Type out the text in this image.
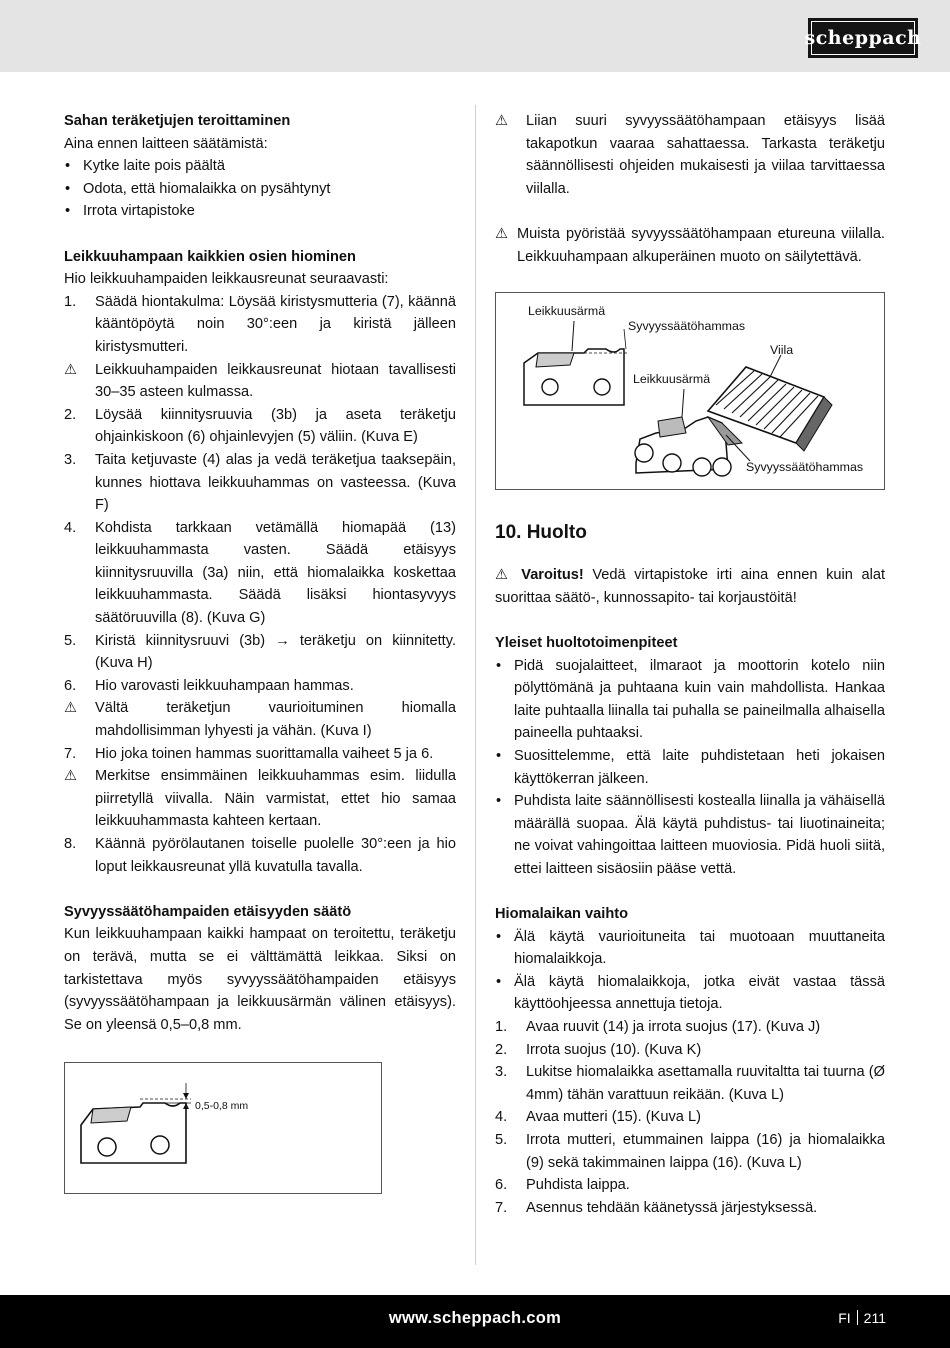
scheppach

Sahan teräketjujen teroittaminen

Aina ennen laitteen säätämistä:

• Kytke laite pois päältä
• Odota, että hiomalaikka on pysähtynyt
• Irrota virtapistoke

Leikkuuhampaan kaikkien osien hiominen

Hio leikkuuhampaiden leikkausreunat seuraavasti:

1.	Säädä hiontakulma: Löysää kiristysmutteria (7), käännä kääntöpöytä noin 30°:een ja kiristä jälleen kiristysmutteri.
⚠	Leikkuuhampaiden leikkausreunat hiotaan tavallisesti 30–35 asteen kulmassa.
2.	Löysää kiinnitysruuvia (3b) ja aseta teräketju ohjainkiskoon (6) ohjainlevyjen (5) väliin. (Kuva E)
3.	Taita ketjuvaste (4) alas ja vedä teräketjua taaksepäin, kunnes hiottava leikkuuhammas on vasteessa. (Kuva F)
4.	Kohdista tarkkaan vetämällä hiomapää (13) leikkuuhammasta vasten. Säädä etäisyys kiinnitysruuvilla (3a) niin, että hiomalaikka koskettaa leikkuuhammasta. Säädä lisäksi hiontasyvyys säätöruuvilla (8). (Kuva G)
5.	Kiristä kiinnitysruuvi (3b) → teräketju on kiinnitetty. (Kuva H)
6.	Hio varovasti leikkuuhampaan hammas.
⚠	Vältä teräketjun vaurioituminen hiomalla mahdollisimman lyhyesti ja vähän. (Kuva I)
7.	Hio joka toinen hammas suorittamalla vaiheet 5 ja 6.
⚠	Merkitse ensimmäinen leikkuuhammas esim. liidulla piirretyllä viivalla. Näin varmistat, ettet hio samaa leikkuuhammasta kahteen kertaan.
8.	Käännä pyörölautanen toiselle puolelle 30°:een ja hio loput leikkausreunat yllä kuvatulla tavalla.

Syvyyssäätöhampaiden etäisyyden säätö

Kun leikkuuhampaan kaikki hampaat on teroitettu, teräketju on terävä, mutta se ei välttämättä leikkaa. Siksi on tarkistettava myös syvyyssäätöhampaiden etäisyys (syvyyssäätöhampaan ja leikkuusärmän välinen etäisyys). Se on yleensä 0,5–0,8 mm.

0,5-0,8 mm
⚠ Liian suuri syvyyssäätöhampaan etäisyys lisää takapotkun vaaraa sahattaessa. Tarkasta teräketju säännöllisesti ohjeiden mukaisesti ja viilaa tarvittaessa viilalla.
⚠ Muista pyöristää syvyyssäätöhampaan etureuna viilalla. Leikkuuhampaan alkuperäinen muoto on säilytettävä.
Leikkuusärmä
Syvyyssäätöhammas
Viila
Leikkuusärmä
Syvyyssäätöhammas

10. Huolto

⚠ Varoitus! Vedä virtapistoke irti aina ennen kuin alat suorittaa säätö-, kunnossapito- tai korjaustöitä!

Yleiset huoltotoimenpiteet

• Pidä suojalaitteet, ilmaraot ja moottorin kotelo niin pölyttömänä ja puhtaana kuin vain mahdollista. Hankaa laite puhtaalla liinalla tai puhalla se paineilmalla alhaisella paineella puhtaaksi.
• Suosittelemme, että laite puhdistetaan heti jokaisen käyttökerran jälkeen.
• Puhdista laite säännöllisesti kostealla liinalla ja vähäisellä määrällä suopaa. Älä käytä puhdistus- tai liuotinaineita; ne voivat vahingoittaa laitteen muoviosia. Pidä huoli siitä, ettei laitteen sisäosiin pääse vettä.

Hiomalaikan vaihto

• Älä käytä vaurioituneita tai muotoaan muuttaneita hiomalaikkoja.
• Älä käytä hiomalaikkoja, jotka eivät vastaa tässä käyttöohjeessa annettuja tietoja.
1.	Avaa ruuvit (14) ja irrota suojus (17). (Kuva J)
2.	Irrota suojus (10). (Kuva K)
3.	Lukitse hiomalaikka asettamalla ruuvitaltta tai tuurna (Ø 4mm) tähän varattuun reikään. (Kuva L)
4.	Avaa mutteri (15). (Kuva L)
5.	Irrota mutteri, etummainen laippa (16) ja hiomalaikka (9) sekä takimmainen laippa (16). (Kuva L)
6.	Puhdista laippa.
7.	Asennus tehdään käänetyssä järjestyksessä.
www.scheppach.com	FI 211
